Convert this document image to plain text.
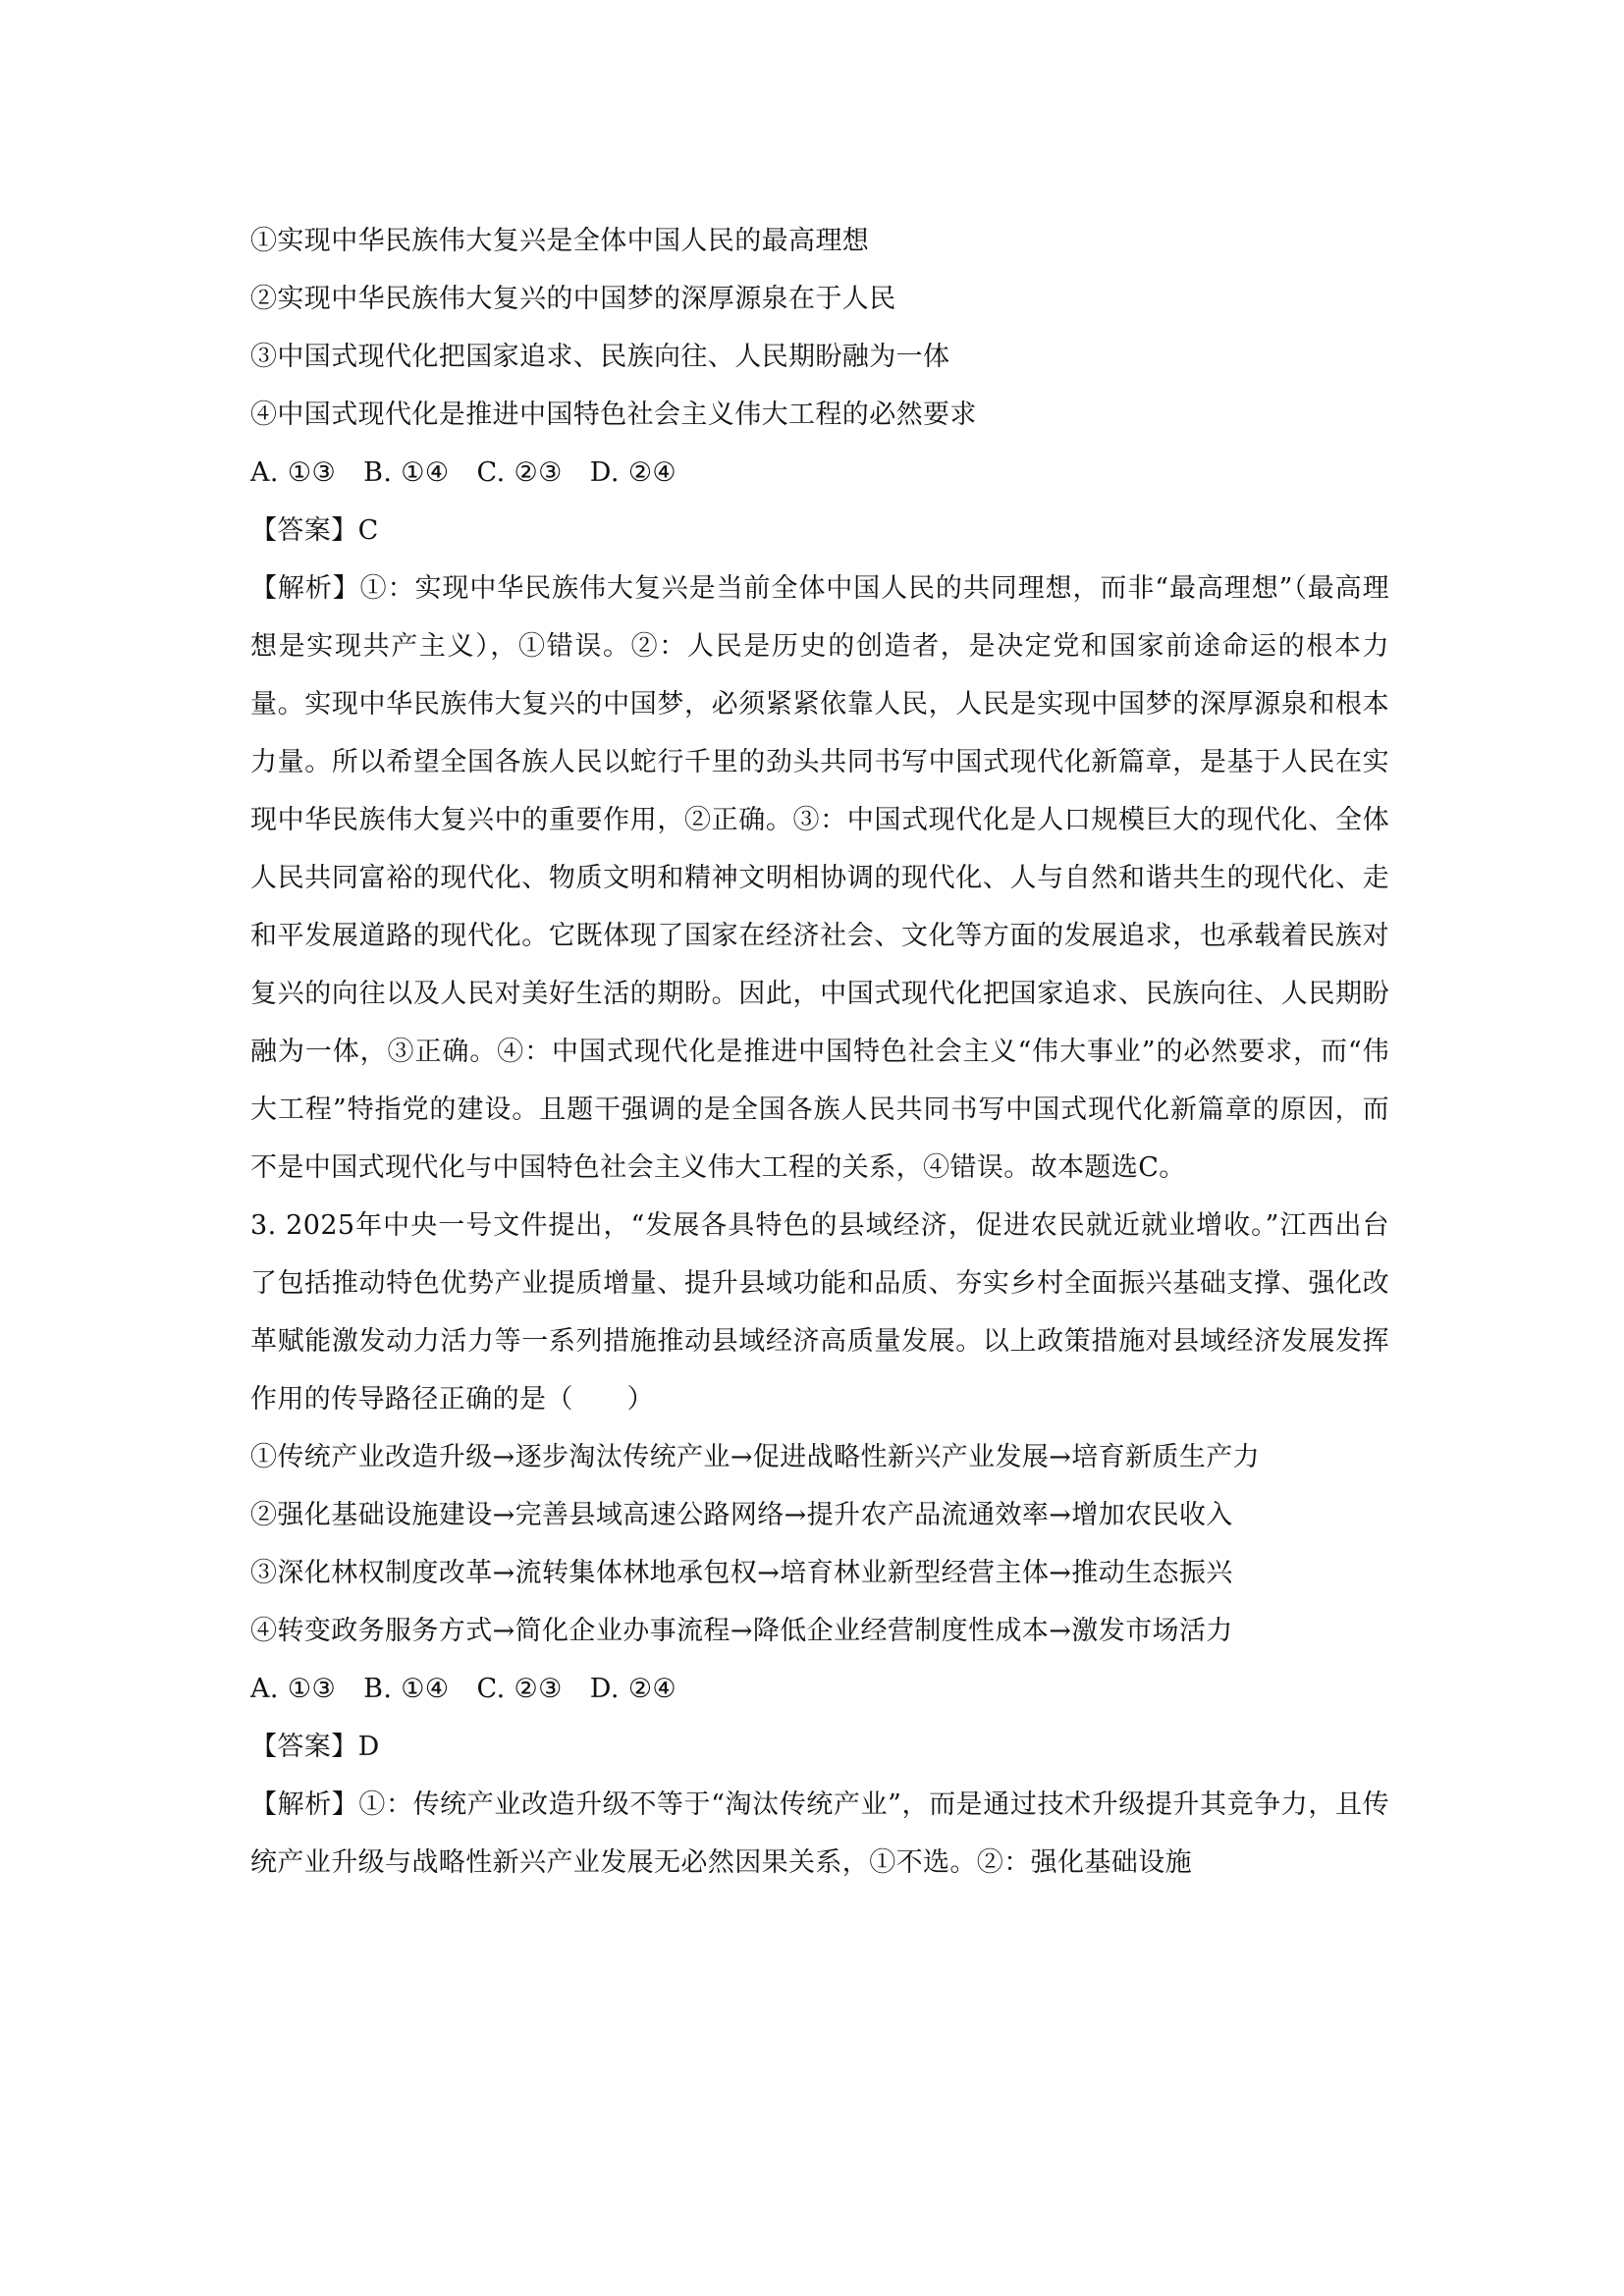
①实现中华民族伟大复兴是全体中国人民的最高理想

②实现中华民族伟大复兴的中国梦的深厚源泉在于人民

③中国式现代化把国家追求、民族向往、人民期盼融为一体

④中国式现代化是推进中国特色社会主义伟大工程的必然要求

A. ①③ B. ①④ C. ②③ D. ②④

【答案】C

【解析】①：实现中华民族伟大复兴是当前全体中国人民的共同理想，而非“最高理想”（最高理想是实现共产主义），①错误。②：人民是历史的创造者，是决定党和国家前途命运的根本力量。实现中华民族伟大复兴的中国梦，必须紧紧依靠人民，人民是实现中国梦的深厚源泉和根本力量。所以希望全国各族人民以蛇行千里的劲头共同书写中国式现代化新篇章，是基于人民在实现中华民族伟大复兴中的重要作用，②正确。③：中国式现代化是人口规模巨大的现代化、全体人民共同富裕的现代化、物质文明和精神文明相协调的现代化、人与自然和谐共生的现代化、走和平发展道路的现代化。它既体现了国家在经济社会、文化等方面的发展追求，也承载着民族对复兴的向往以及人民对美好生活的期盼。因此，中国式现代化把国家追求、民族向往、人民期盼融为一体，③正确。④：中国式现代化是推进中国特色社会主义“伟大事业”的必然要求，而“伟大工程”特指党的建设。且题干强调的是全国各族人民共同书写中国式现代化新篇章的原因，而不是中国式现代化与中国特色社会主义伟大工程的关系，④错误。故本题选C。

3. 2025年中央一号文件提出，“发展各具特色的县域经济，促进农民就近就业增收。”江西出台了包括推动特色优势产业提质增量、提升县域功能和品质、夯实乡村全面振兴基础支撑、强化改革赋能激发动力活力等一系列措施推动县域经济高质量发展。以上政策措施对县域经济发展发挥作用的传导路径正确的是（　　）

①传统产业改造升级→逐步淘汰传统产业→促进战略性新兴产业发展→培育新质生产力

②强化基础设施建设→完善县域高速公路网络→提升农产品流通效率→增加农民收入

③深化林权制度改革→流转集体林地承包权→培育林业新型经营主体→推动生态振兴

④转变政务服务方式→简化企业办事流程→降低企业经营制度性成本→激发市场活力

A. ①③ B. ①④ C. ②③ D. ②④

【答案】D

【解析】①：传统产业改造升级不等于“淘汰传统产业”，而是通过技术升级提升其竞争力，且传统产业升级与战略性新兴产业发展无必然因果关系，①不选。②：强化基础设施
